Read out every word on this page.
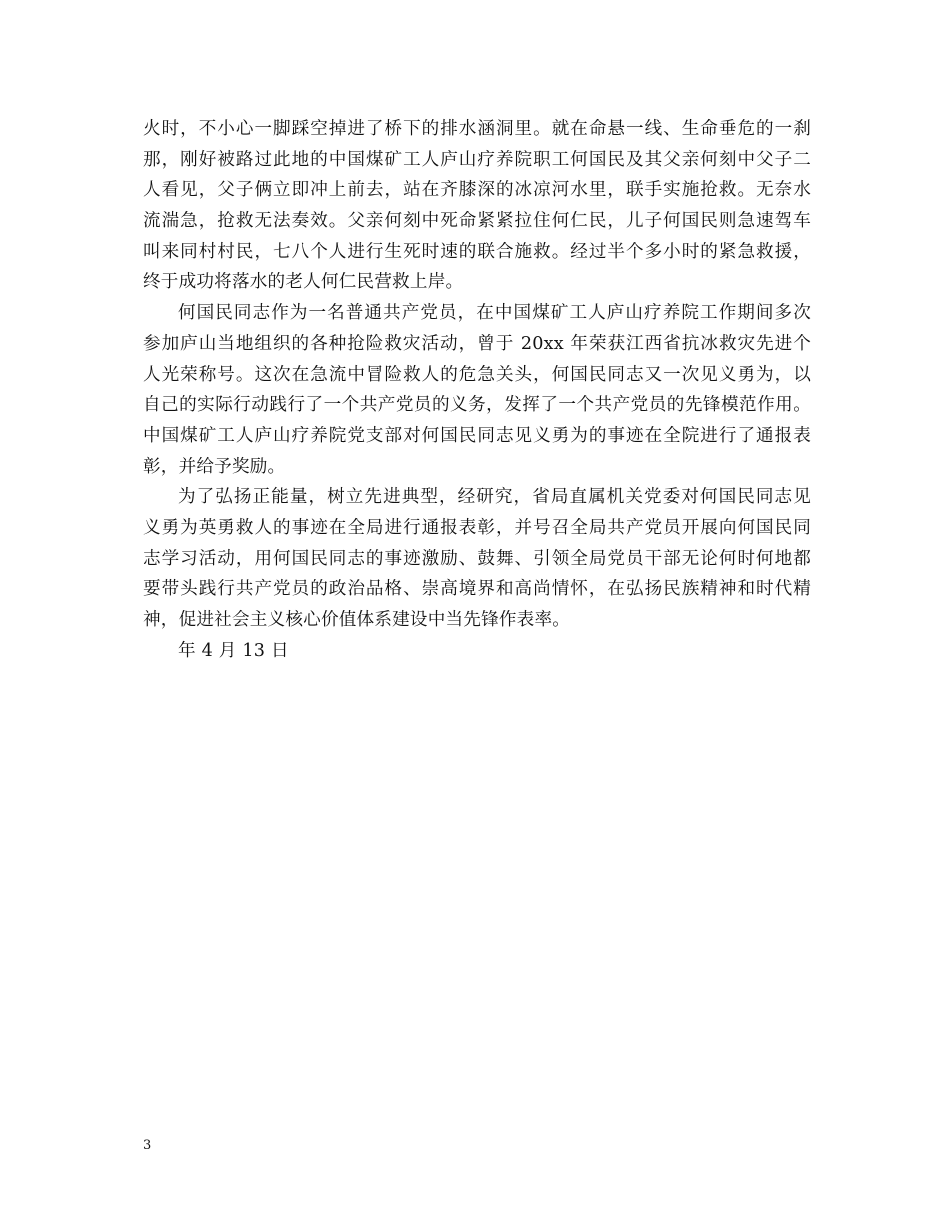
火时，不小心一脚踩空掉进了桥下的排水涵洞里。就在命悬一线、生命垂危的一刹
那，刚好被路过此地的中国煤矿工人庐山疗养院职工何国民及其父亲何刻中父子二
人看见，父子俩立即冲上前去，站在齐膝深的冰凉河水里，联手实施抢救。无奈水
流湍急，抢救无法奏效。父亲何刻中死命紧紧拉住何仁民，儿子何国民则急速驾车
叫来同村村民，七八个人进行生死时速的联合施救。经过半个多小时的紧急救援，
终于成功将落水的老人何仁民营救上岸。
何国民同志作为一名普通共产党员，在中国煤矿工人庐山疗养院工作期间多次
参加庐山当地组织的各种抢险救灾活动，曾于 20xx 年荣获江西省抗冰救灾先进个
人光荣称号。这次在急流中冒险救人的危急关头，何国民同志又一次见义勇为，以
自己的实际行动践行了一个共产党员的义务，发挥了一个共产党员的先锋模范作用。
中国煤矿工人庐山疗养院党支部对何国民同志见义勇为的事迹在全院进行了通报表
彰，并给予奖励。
为了弘扬正能量，树立先进典型，经研究，省局直属机关党委对何国民同志见
义勇为英勇救人的事迹在全局进行通报表彰，并号召全局共产党员开展向何国民同
志学习活动，用何国民同志的事迹激励、鼓舞、引领全局党员干部无论何时何地都
要带头践行共产党员的政治品格、崇高境界和高尚情怀，在弘扬民族精神和时代精
神，促进社会主义核心价值体系建设中当先锋作表率。
年 4 月 13 日
3
